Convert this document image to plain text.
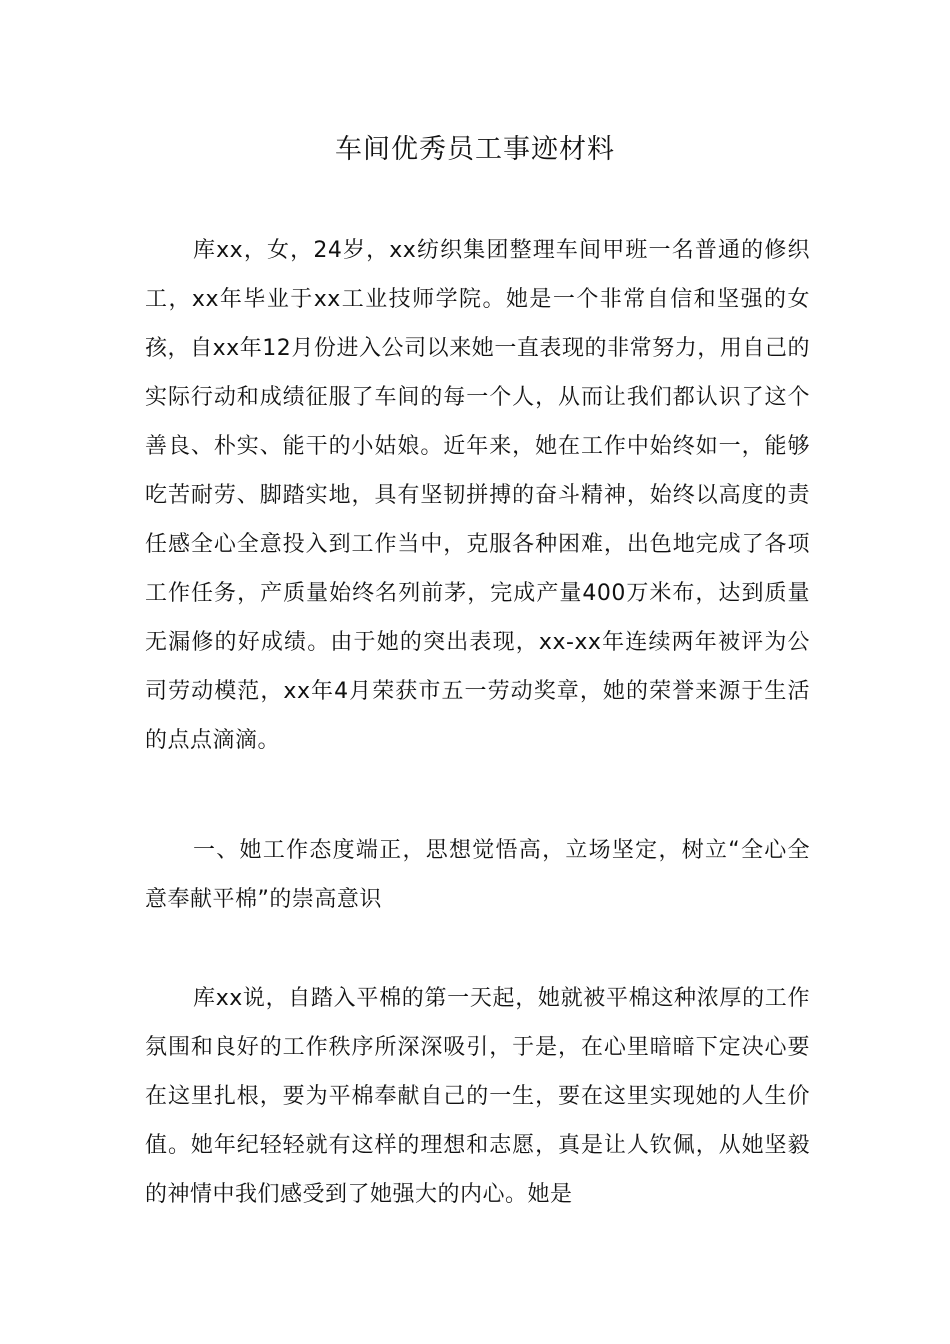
车间优秀员工事迹材料

库xx，女，24岁，xx纺织集团整理车间甲班一名普通的修织工，xx年毕业于xx工业技师学院。她是一个非常自信和坚强的女孩，自xx年12月份进入公司以来她一直表现的非常努力，用自己的实际行动和成绩征服了车间的每一个人，从而让我们都认识了这个善良、朴实、能干的小姑娘。近年来，她在工作中始终如一，能够吃苦耐劳、脚踏实地，具有坚韧拼搏的奋斗精神，始终以高度的责任感全心全意投入到工作当中，克服各种困难，出色地完成了各项工作任务，产质量始终名列前茅，完成产量400万米布，达到质量无漏修的好成绩。由于她的突出表现，xx-xx年连续两年被评为公司劳动模范，xx年4月荣获市五一劳动奖章，她的荣誉来源于生活的点点滴滴。

一、她工作态度端正，思想觉悟高，立场坚定，树立“全心全意奉献平棉”的崇高意识

库xx说，自踏入平棉的第一天起，她就被平棉这种浓厚的工作氛围和良好的工作秩序所深深吸引，于是，在心里暗暗下定决心要在这里扎根，要为平棉奉献自己的一生，要在这里实现她的人生价值。她年纪轻轻就有这样的理想和志愿，真是让人钦佩，从她坚毅的神情中我们感受到了她强大的内心。她是
